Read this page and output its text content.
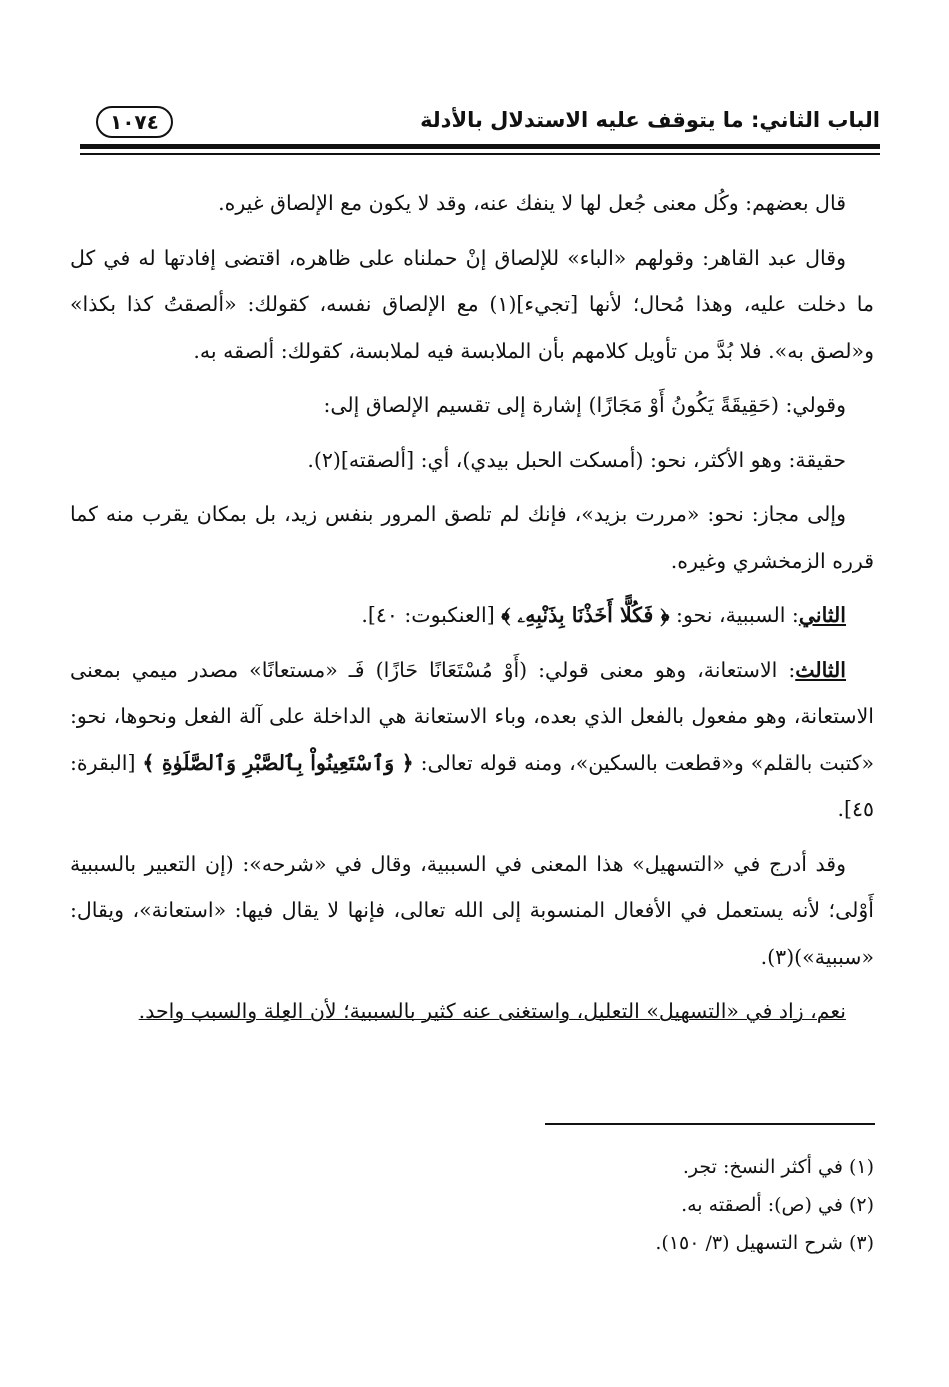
الباب الثاني: ما يتوقف عليه الاستدلال بالأدلة
١٠٧٤

قال بعضهم: وكُل معنى جُعل لها لا ينفك عنه، وقد لا يكون مع الإلصاق غيره.

وقال عبد القاهر: وقولهم «الباء» للإلصاق إنْ حملناه على ظاهره، اقتضى إفادتها له في كل ما دخلت عليه، وهذا مُحال؛ لأنها [تجيء](١) مع الإلصاق نفسه، كقولك: «ألصقتُ كذا بكذا» و«لصق به». فلا بُدَّ من تأويل كلامهم بأن الملابسة فيه لملابسة، كقولك: ألصقه به.

وقولي: (حَقِيقَةً يَكُونُ أَوْ مَجَازًا) إشارة إلى تقسيم الإلصاق إلى:

حقيقة: وهو الأكثر، نحو: (أمسكت الحبل بيدي)، أي: [ألصقته](٢).

وإلى مجاز: نحو: «مررت بزيد»، فإنك لم تلصق المرور بنفس زيد، بل بمكان يقرب منه كما قرره الزمخشري وغيره.

الثاني: السببية، نحو: ﴿ فَكُلًّا أَخَذْنَا بِذَنْبِهِۦ ﴾ [العنكبوت: ٤٠].

الثالث: الاستعانة، وهو معنى قولي: (أَوْ مُسْتَعَانًا حَازًا) فَـ «مستعانًا» مصدر ميمي بمعنى الاستعانة، وهو مفعول بالفعل الذي بعده، وباء الاستعانة هي الداخلة على آلة الفعل ونحوها، نحو: «كتبت بالقلم» و«قطعت بالسكين»، ومنه قوله تعالى: ﴿ وَٱسْتَعِينُواْ بِٱلصَّبْرِ وَٱلصَّلَوٰةِ ﴾ [البقرة: ٤٥].

وقد أدرج في «التسهيل» هذا المعنى في السببية، وقال في «شرحه»: (إن التعبير بالسببية أَوْلى؛ لأنه يستعمل في الأفعال المنسوبة إلى الله تعالى، فإنها لا يقال فيها: «استعانة»، ويقال: «سببية»)(٣).

نعم، زاد في «التسهيل» التعليل، واستغنى عنه كثير بالسببية؛ لأن العِلة والسبب واحد.

(١) في أكثر النسخ: تجر.

(٢) في (ص): ألصقته به.

(٣) شرح التسهيل (٣/ ١٥٠).
